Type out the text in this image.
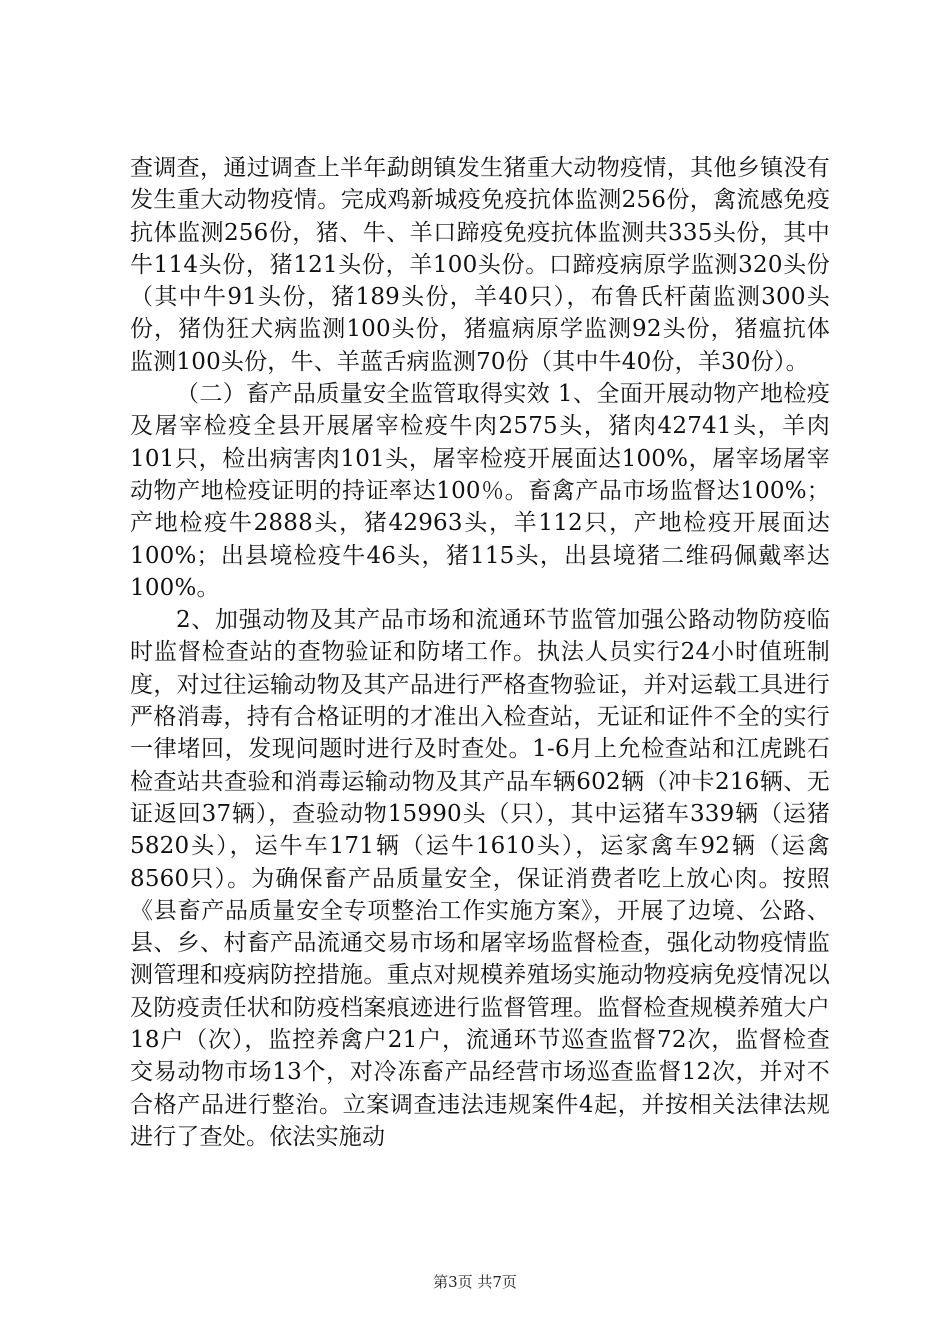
查调查，通过调查上半年勐朗镇发生猪重大动物疫情，其他乡镇没有发生重大动物疫情。完成鸡新城疫免疫抗体监测256份，禽流感免疫抗体监测256份，猪、牛、羊口蹄疫免疫抗体监测共335头份，其中牛114头份，猪121头份，羊100头份。口蹄疫病原学监测320头份（其中牛91头份，猪189头份，羊40只），布鲁氏杆菌监测300头份，猪伪狂犬病监测100头份，猪瘟病原学监测92头份，猪瘟抗体监测100头份，牛、羊蓝舌病监测70份（其中牛40份，羊30份）。

（二）畜产品质量安全监管取得实效 1、全面开展动物产地检疫及屠宰检疫全县开展屠宰检疫牛肉2575头，猪肉42741头，羊肉101只，检出病害肉101头，屠宰检疫开展面达100%，屠宰场屠宰动物产地检疫证明的持证率达100％。畜禽产品市场监督达100%；产地检疫牛2888头，猪42963头，羊112只，产地检疫开展面达100%；出县境检疫牛46头，猪115头，出县境猪二维码佩戴率达100%。

2、加强动物及其产品市场和流通环节监管加强公路动物防疫临时监督检查站的查物验证和防堵工作。执法人员实行24小时值班制度，对过往运输动物及其产品进行严格查物验证，并对运载工具进行严格消毒，持有合格证明的才准出入检查站，无证和证件不全的实行一律堵回，发现问题时进行及时查处。1-6月上允检查站和江虎跳石检查站共查验和消毒运输动物及其产品车辆602辆（冲卡216辆、无证返回37辆），查验动物15990头（只），其中运猪车339辆（运猪5820头），运牛车171辆（运牛1610头），运家禽车92辆（运禽8560只）。为确保畜产品质量安全，保证消费者吃上放心肉。按照《县畜产品质量安全专项整治工作实施方案》，开展了边境、公路、县、乡、村畜产品流通交易市场和屠宰场监督检查，强化动物疫情监测管理和疫病防控措施。重点对规模养殖场实施动物疫病免疫情况以及防疫责任状和防疫档案痕迹进行监督管理。监督检查规模养殖大户18户（次），监控养禽户21户，流通环节巡查监督72次，监督检查交易动物市场13个，对冷冻畜产品经营市场巡查监督12次，并对不合格产品进行整治。立案调查违法违规案件4起，并按相关法律法规进行了查处。依法实施动

第3页 共7页
